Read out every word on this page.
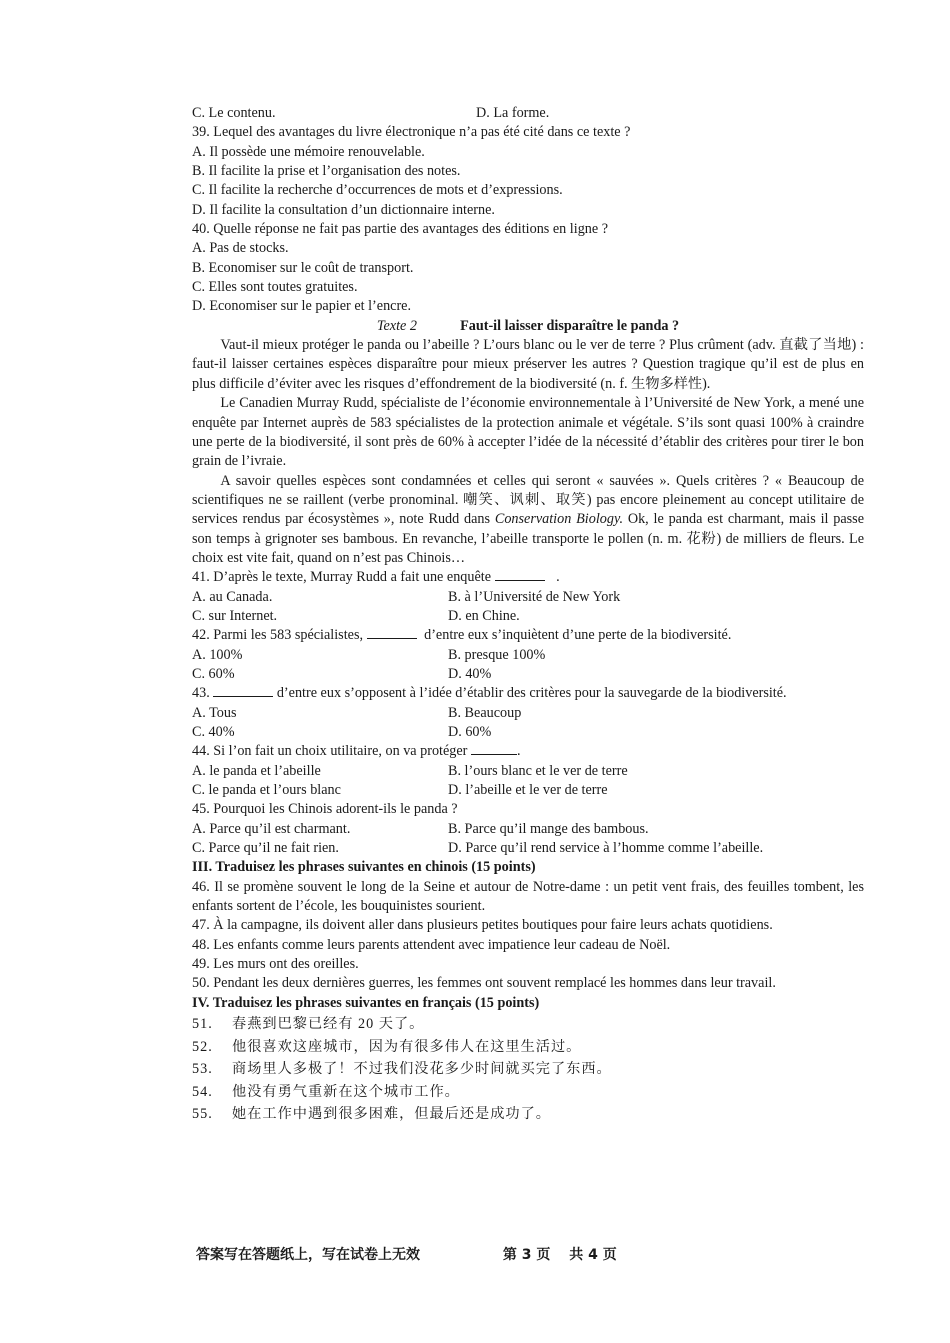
C. Le contenu.	D. La forme.
39. Lequel des avantages du livre électronique n’a pas été cité dans ce texte ?
A. Il possède une mémoire renouvelable.
B. Il facilite la prise et l’organisation des notes.
C. Il facilite la recherche d’occurrences de mots et d’expressions.
D. Il facilite la consultation d’un dictionnaire interne.
40. Quelle réponse ne fait pas partie des avantages des éditions en ligne ?
A. Pas de stocks.
B. Economiser sur le coût de transport.
C. Elles sont toutes gratuites.
D. Economiser sur le papier et l’encre.
Texte 2	Faut-il laisser disparaître le panda ?
Vaut-il mieux protéger le panda ou l’abeille ? L’ours blanc ou le ver de terre ? Plus crûment (adv. 直截了当地) : faut-il laisser certaines espèces disparaître pour mieux préserver les autres ? Question tragique qu’il est de plus en plus difficile d’éviter avec les risques d’effondrement de la biodiversité (n. f. 生物多样性).
Le Canadien Murray Rudd, spécialiste de l’économie environnementale à l’Université de New York, a mené une enquête par Internet auprès de 583 spécialistes de la protection animale et végétale. S’ils sont quasi 100% à craindre une perte de la biodiversité, il sont près de 60% à accepter l’idée de la nécessité d’établir des critères pour tirer le bon grain de l’ivraie.
A savoir quelles espèces sont condamnées et celles qui seront « sauvées ». Quels critères ? « Beaucoup de scientifiques ne se raillent (verbe pronominal. 嘲笑、讽刺、取笑) pas encore pleinement au concept utilitaire de services rendus par écosystèmes », note Rudd dans Conservation Biology. Ok, le panda est charmant, mais il passe son temps à grignoter ses bambous. En revanche, l’abeille transporte le pollen (n. m. 花粉) de milliers de fleurs. Le choix est vite fait, quand on n’est pas Chinois…
41. D’après le texte, Murray Rudd a fait une enquête	.
A. au Canada.	B. à l’Université de New York
C. sur Internet.	D. en Chine.
42. Parmi les 583 spécialistes,	d’entre eux s’inquiètent d’une perte de la biodiversité.
A. 100%	B. presque 100%
C. 60%	D. 40%
43.	d’entre eux s’opposent à l’idée d’établir des critères pour la sauvegarde de la biodiversité.
A. Tous	B. Beaucoup
C. 40%	D. 60%
44. Si l’on fait un choix utilitaire, on va protéger	.
A. le panda et l’abeille	B. l’ours blanc et le ver de terre
C. le panda et l’ours blanc	D. l’abeille et le ver de terre
45. Pourquoi les Chinois adorent-ils le panda ?
A. Parce qu’il est charmant.	B. Parce qu’il mange des bambous.
C. Parce qu’il ne fait rien.	D. Parce qu’il rend service à l’homme comme l’abeille.
III. Traduisez les phrases suivantes en chinois (15 points)
46. Il se promène souvent le long de la Seine et autour de Notre-dame : un petit vent frais, des feuilles tombent, les enfants sortent de l’école, les bouquinistes sourient.
47. À la campagne, ils doivent aller dans plusieurs petites boutiques pour faire leurs achats quotidiens.
48. Les enfants comme leurs parents attendent avec impatience leur cadeau de Noël.
49. Les murs ont des oreilles.
50. Pendant les deux dernières guerres, les femmes ont souvent remplacé les hommes dans leur travail.
IV. Traduisez les phrases suivantes en français (15 points)
51. 春燕到巴黎已经有 20 天了。
52. 他很喜欢这座城市，因为有很多伟人在这里生活过。
53. 商场里人多极了！不过我们没花多少时间就买完了东西。
54. 他没有勇气重新在这个城市工作。
55. 她在工作中遇到很多困难，但最后还是成功了。
答案写在答题纸上，写在试卷上无效	第 3 页　 共 4 页
